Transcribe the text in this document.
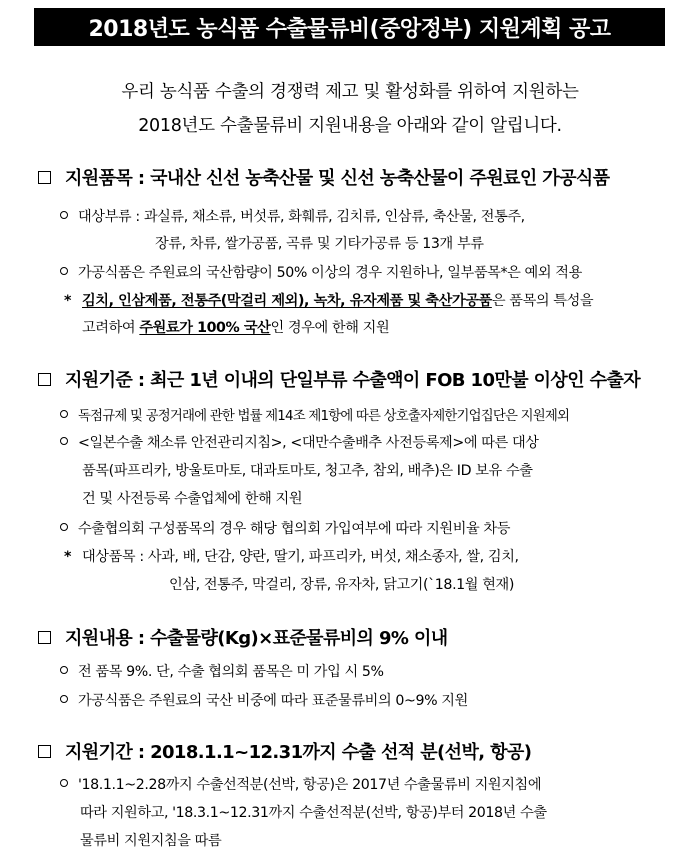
2018년도 농식품 수출물류비(중앙정부) 지원계획 공고
우리 농식품 수출의 경쟁력 제고 및 활성화를 위하여 지원하는
2018년도 수출물류비 지원내용을 아래와 같이 알립니다.
지원품목 : 국내산 신선 농축산물 및 신선 농축산물이 주원료인 가공식품
대상부류 : 과실류, 채소류, 버섯류, 화훼류, 김치류, 인삼류, 축산물, 전통주,
장류, 차류, 쌀가공품, 곡류 및 기타가공류 등 13개 부류
가공식품은 주원료의 국산함량이 50% 이상의 경우 지원하나, 일부품목*은 예외 적용
* 김치, 인삼제품, 전통주(막걸리 제외), 녹차, 유자제품 및 축산가공품은 품목의 특성을
고려하여 주원료가 100% 국산인 경우에 한해 지원
지원기준 : 최근 1년 이내의 단일부류 수출액이 FOB 10만불 이상인 수출자
독점규제 및 공정거래에 관한 법률 제14조 제1항에 따른 상호출자제한기업집단은 지원제외
<일본수출 채소류 안전관리지침>, <대만수출배추 사전등록제>에 따른 대상
품목(파프리카, 방울토마토, 대과토마토, 청고추, 참외, 배추)은 ID 보유 수출
건 및 사전등록 수출업체에 한해 지원
수출협의회 구성품목의 경우 해당 협의회 가입여부에 따라 지원비율 차등
* 대상품목 : 사과, 배, 단감, 양란, 딸기, 파프리카, 버섯, 채소종자, 쌀, 김치,
인삼, 전통주, 막걸리, 장류, 유자차, 닭고기(`18.1월 현재)
지원내용 : 수출물량(Kg)×표준물류비의 9% 이내
전 품목 9%. 단, 수출 협의회 품목은 미 가입 시 5%
가공식품은 주원료의 국산 비중에 따라 표준물류비의 0~9% 지원
지원기간 : 2018.1.1~12.31까지 수출 선적 분(선박, 항공)
'18.1.1~2.28까지 수출선적분(선박, 항공)은 2017년 수출물류비 지원지침에
따라 지원하고, '18.3.1~12.31까지 수출선적분(선박, 항공)부터 2018년 수출
물류비 지원지침을 따름
